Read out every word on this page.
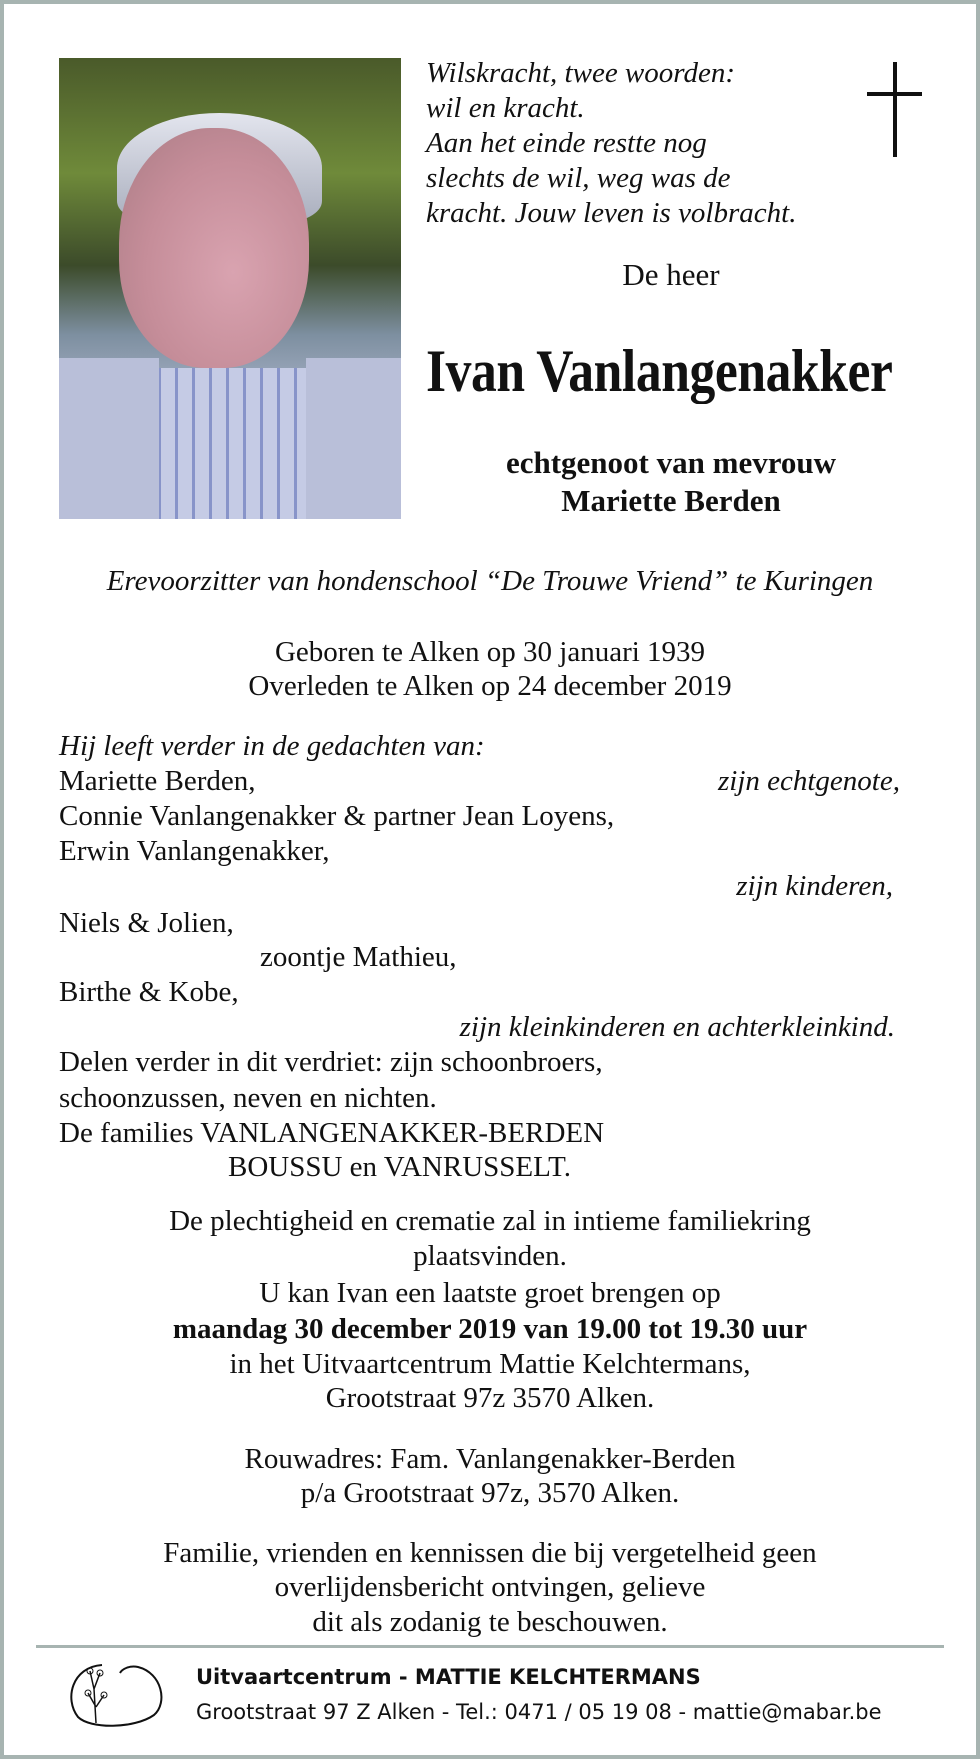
Wilskracht, twee woorden:
wil en kracht.
Aan het einde restte nog
slechts de wil, weg was de
kracht. Jouw leven is volbracht.
De heer
Ivan Vanlangenakker
echtgenoot van mevrouw
Mariette Berden
Erevoorzitter van hondenschool “De Trouwe Vriend” te Kuringen
Geboren te Alken op 30 januari 1939
Overleden te Alken op 24 december 2019
Hij leeft verder in de gedachten van:
Mariette Berden,	zijn echtgenote,
Connie Vanlangenakker & partner Jean Loyens,
Erwin Vanlangenakker,
zijn kinderen,
Niels & Jolien,
zoontje Mathieu,
Birthe & Kobe,
zijn kleinkinderen en achterkleinkind.
Delen verder in dit verdriet: zijn schoonbroers,
schoonzussen, neven en nichten.
De families VANLANGENAKKER-BERDEN
BOUSSU en VANRUSSELT.
De plechtigheid en crematie zal in intieme familiekring
plaatsvinden.
U kan Ivan een laatste groet brengen op
maandag 30 december 2019 van 19.00 tot 19.30 uur
in het Uitvaartcentrum Mattie Kelchtermans,
Grootstraat 97z 3570 Alken.
Rouwadres: Fam. Vanlangenakker-Berden
p/a Grootstraat 97z, 3570 Alken.
Familie, vrienden en kennissen die bij vergetelheid geen
overlijdensbericht ontvingen, gelieve
dit als zodanig te beschouwen.
Uitvaartcentrum - MATTIE KELCHTERMANS
Grootstraat 97 Z Alken - Tel.: 0471 / 05 19 08 - mattie@mabar.be
